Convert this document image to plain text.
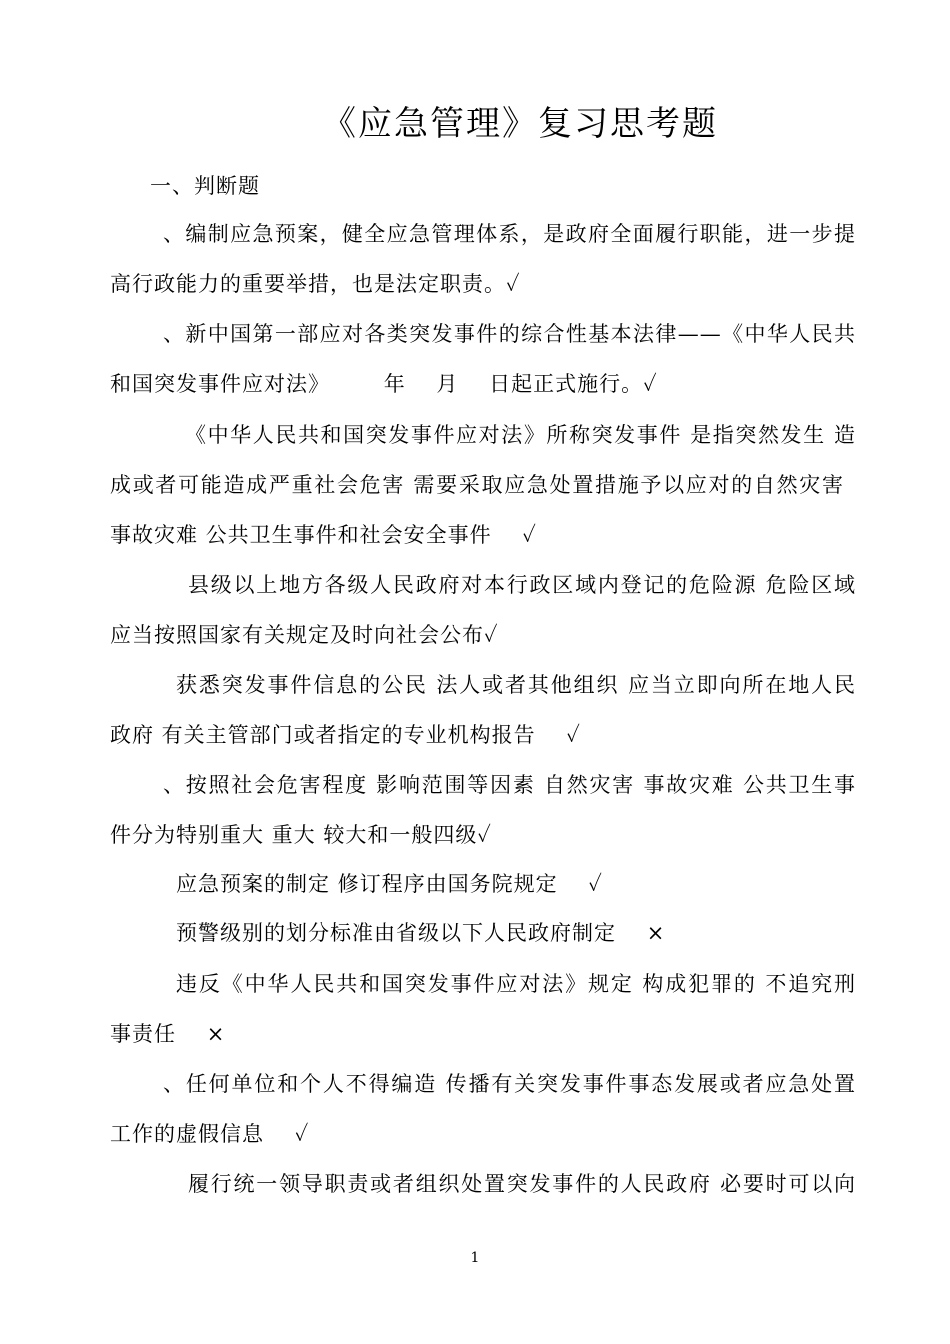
《应急管理》复习思考题
一、判断题
、编制应急预案，健全应急管理体系，是政府全面履行职能，进一步提
高行政能力的重要举措，也是法定职责。✓
、新中国第一部应对各类突发事件的综合性基本法律——《中华人民共
和国突发事件应对法》       年    月    日起正式施行。✓
《中华人民共和国突发事件应对法》所称突发事件 是指突然发生 造
成或者可能造成严重社会危害 需要采取应急处置措施予以应对的自然灾害
事故灾难 公共卫生事件和社会安全事件    ✓
县级以上地方各级人民政府对本行政区域内登记的危险源 危险区域
应当按照国家有关规定及时向社会公布✓
获悉突发事件信息的公民 法人或者其他组织 应当立即向所在地人民
政府 有关主管部门或者指定的专业机构报告    ✓
、按照社会危害程度 影响范围等因素 自然灾害 事故灾难 公共卫生事
件分为特别重大 重大 较大和一般四级✓
应急预案的制定 修订程序由国务院规定    ✓
预警级别的划分标准由省级以下人民政府制定    ×
违反《中华人民共和国突发事件应对法》规定 构成犯罪的 不追究刑
事责任    ×
、任何单位和个人不得编造 传播有关突发事件事态发展或者应急处置
工作的虚假信息    ✓
履行统一领导职责或者组织处置突发事件的人民政府 必要时可以向
1
